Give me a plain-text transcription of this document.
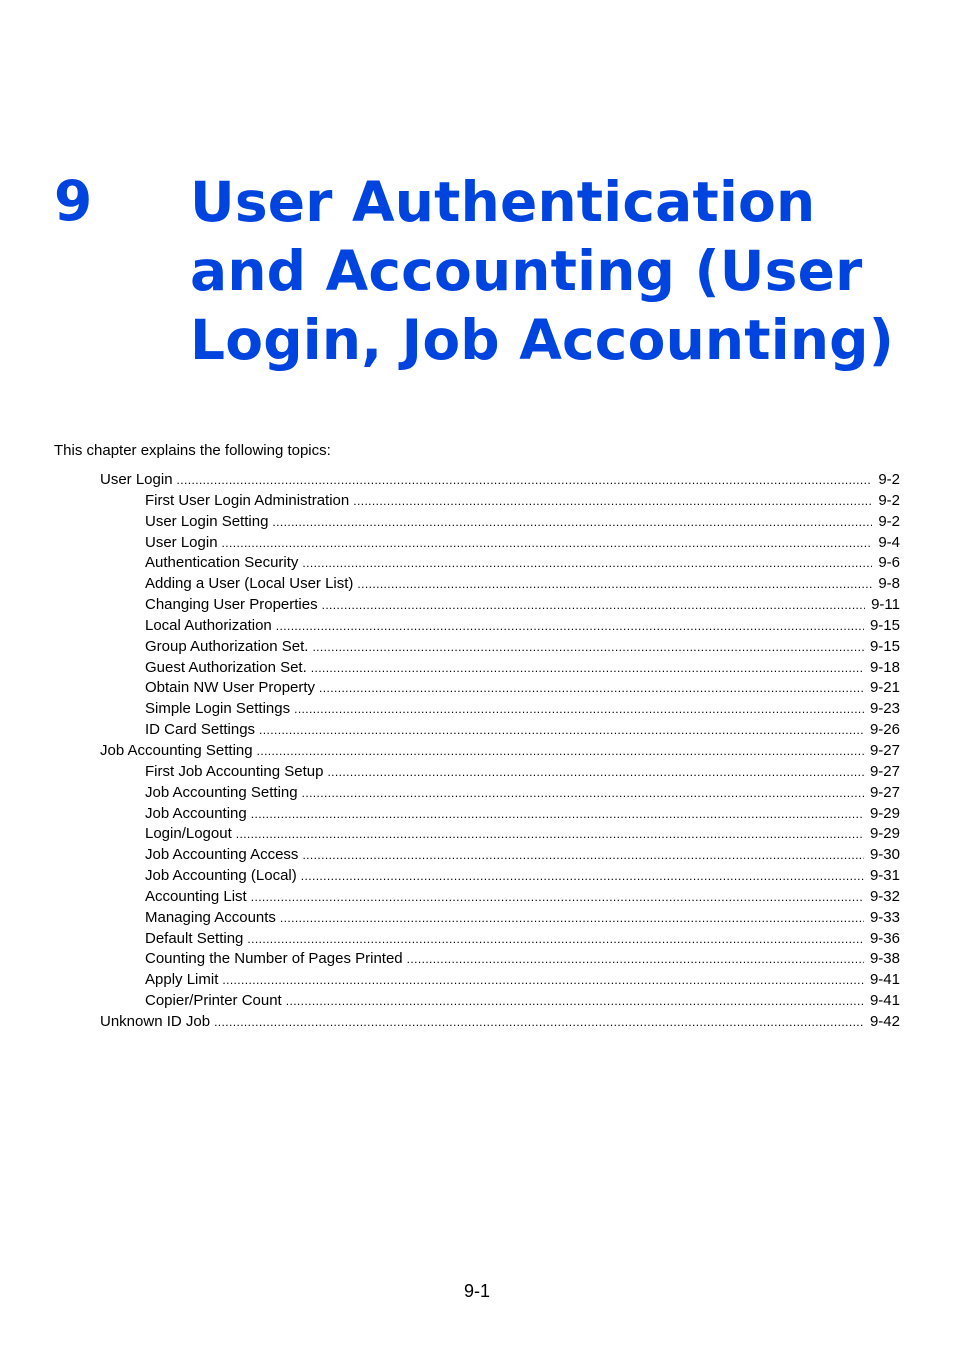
9 User Authentication
and Accounting (User
Login, Job Accounting)
This chapter explains the following topics:
User Login .....	9-2
First User Login Administration .....	9-2
User Login Setting .....	9-2
User Login .....	9-4
Authentication Security .....	9-6
Adding a User (Local User List) .....	9-8
Changing User Properties .....	9-11
Local Authorization .....	9-15
Group Authorization Set. .....	9-15
Guest Authorization Set. .....	9-18
Obtain NW User Property .....	9-21
Simple Login Settings .....	9-23
ID Card Settings .....	9-26
Job Accounting Setting .....	9-27
First Job Accounting Setup .....	9-27
Job Accounting Setting .....	9-27
Job Accounting .....	9-29
Login/Logout .....	9-29
Job Accounting Access .....	9-30
Job Accounting (Local) .....	9-31
Accounting List .....	9-32
Managing Accounts .....	9-33
Default Setting .....	9-36
Counting the Number of Pages Printed .....	9-38
Apply Limit .....	9-41
Copier/Printer Count .....	9-41
Unknown ID Job .....	9-42
9-1
